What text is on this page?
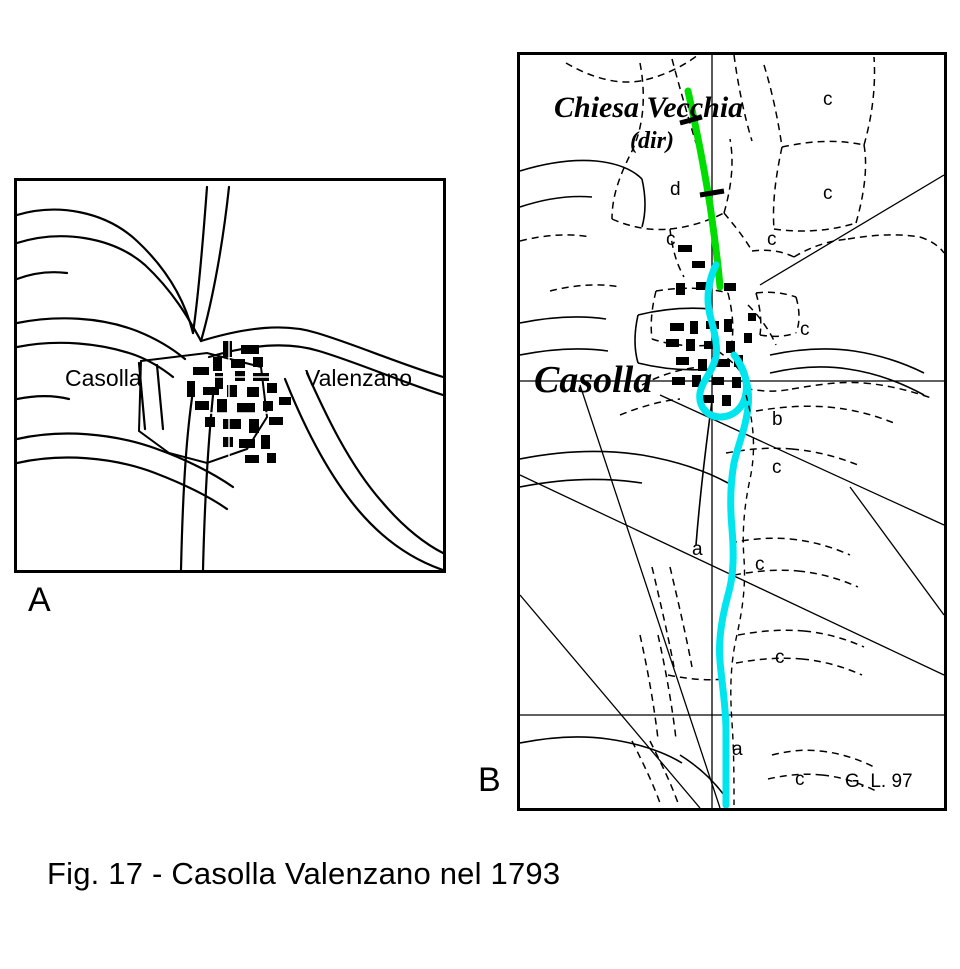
Casolla	Valenzano
A
Chiesa Vecchia
(dir)
Casolla
c
c
d
c	c
c
b
c
a
c
c
a
c G. L. 97
B
Fig. 17 - Casolla Valenzano nel 1793
